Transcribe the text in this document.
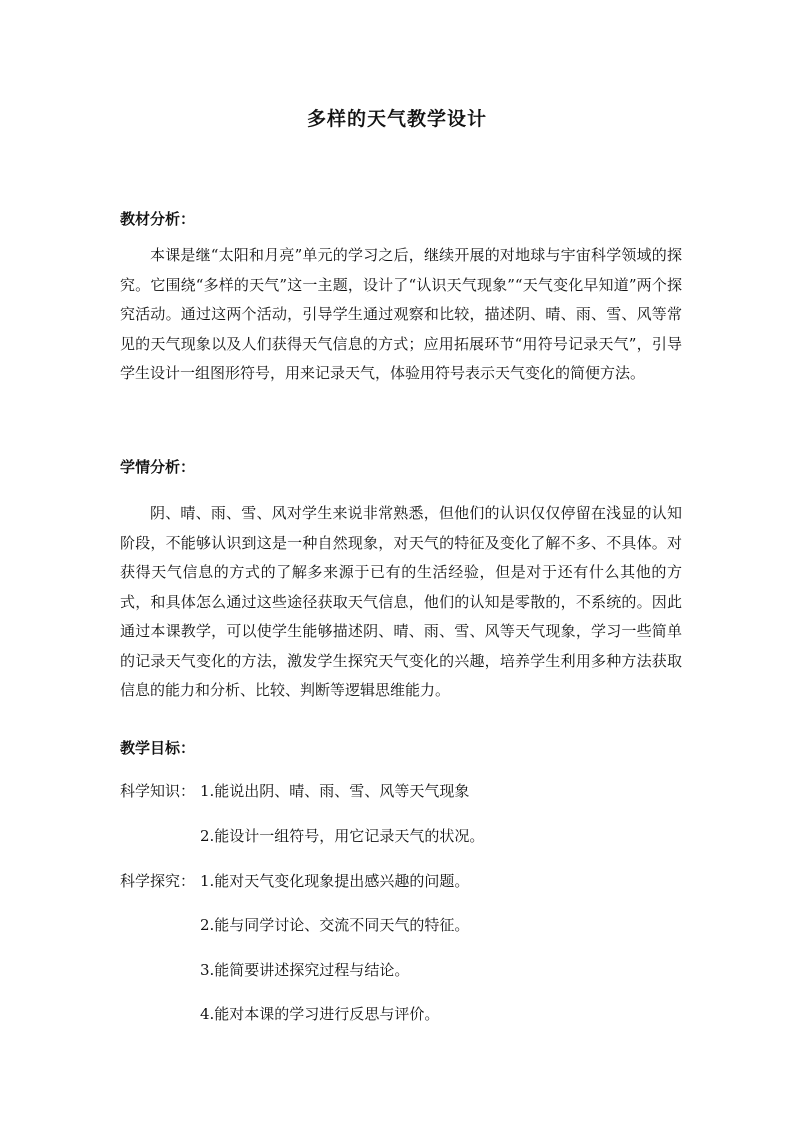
多样的天气教学设计

教材分析：

本课是继“太阳和月亮”单元的学习之后，继续开展的对地球与宇宙科学领域的探究。它围绕“多样的天气”这一主题，设计了“认识天气现象”“天气变化早知道”两个探究活动。通过这两个活动，引导学生通过观察和比较，描述阴、晴、雨、雪、风等常见的天气现象以及人们获得天气信息的方式；应用拓展环节“用符号记录天气”，引导学生设计一组图形符号，用来记录天气，体验用符号表示天气变化的简便方法。

学情分析：

阴、晴、雨、雪、风对学生来说非常熟悉，但他们的认识仅仅停留在浅显的认知阶段，不能够认识到这是一种自然现象，对天气的特征及变化了解不多、不具体。对获得天气信息的方式的了解多来源于已有的生活经验，但是对于还有什么其他的方式，和具体怎么通过这些途径获取天气信息，他们的认知是零散的，不系统的。因此通过本课教学，可以使学生能够描述阴、晴、雨、雪、风等天气现象，学习一些简单的记录天气变化的方法，激发学生探究天气变化的兴趣，培养学生利用多种方法获取信息的能力和分析、比较、判断等逻辑思维能力。

教学目标：

科学知识： 1.能说出阴、晴、雨、雪、风等天气现象

2.能设计一组符号，用它记录天气的状况。

科学探究： 1.能对天气变化现象提出感兴趣的问题。

2.能与同学讨论、交流不同天气的特征。

3.能简要讲述探究过程与结论。

4.能对本课的学习进行反思与评价。
